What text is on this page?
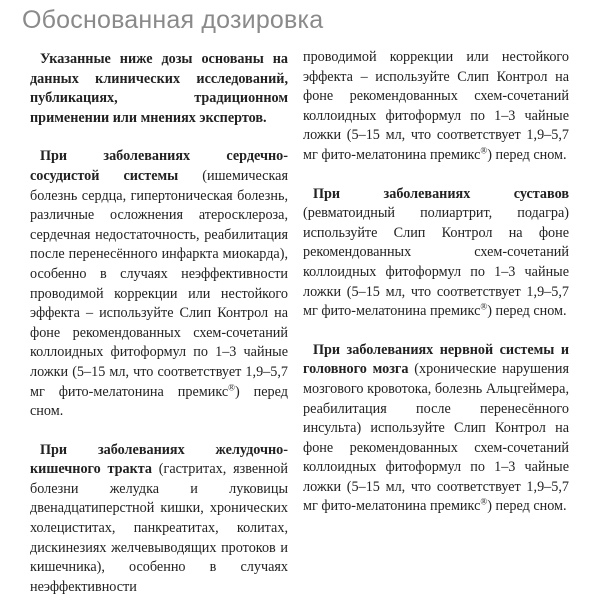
Обоснованная дозировка

Указанные ниже дозы основаны на данных клинических исследований, публикациях, традиционном применении или мнениях экспертов.

При заболеваниях сердечно-сосудистой системы (ишемическая болезнь сердца, гипертоническая болезнь, различные осложнения атеросклероза, сердечная недостаточность, реабилитация после перенесённого инфаркта миокарда), особенно в случаях неэффективности проводимой коррекции или нестойкого эффекта – используйте Слип Контрол на фоне рекомендованных схем-сочетаний коллоидных фитоформул по 1–3 чайные ложки (5–15 мл, что соответствует 1,9–5,7 мг фито-мелатонина премикс®) перед сном.

При заболеваниях желудочно-кишечного тракта (гастритах, язвенной болезни желудка и луковицы двенадцатиперстной кишки, хронических холециститах, панкреатитах, колитах, дискинезиях желчевыводящих протоков и кишечника), особенно в случаях неэффективности

проводимой коррекции или нестойкого эффекта – используйте Слип Контрол на фоне рекомендованных схем-сочетаний коллоидных фитоформул по 1–3 чайные ложки (5–15 мл, что соответствует 1,9–5,7 мг фито-мелатонина премикс®) перед сном.

При заболеваниях суставов (ревматоидный полиартрит, подагра) используйте Слип Контрол на фоне рекомендованных схем-сочетаний коллоидных фитоформул по 1–3 чайные ложки (5–15 мл, что соответствует 1,9–5,7 мг фито-мелатонина премикс®) перед сном.

При заболеваниях нервной системы и головного мозга (хронические нарушения мозгового кровотока, болезнь Альцгеймера, реабилитация после перенесённого инсульта) используйте Слип Контрол на фоне рекомендованных схем-сочетаний коллоидных фитоформул по 1–3 чайные ложки (5–15 мл, что соответствует 1,9–5,7 мг фито-мелатонина премикс®) перед сном.
